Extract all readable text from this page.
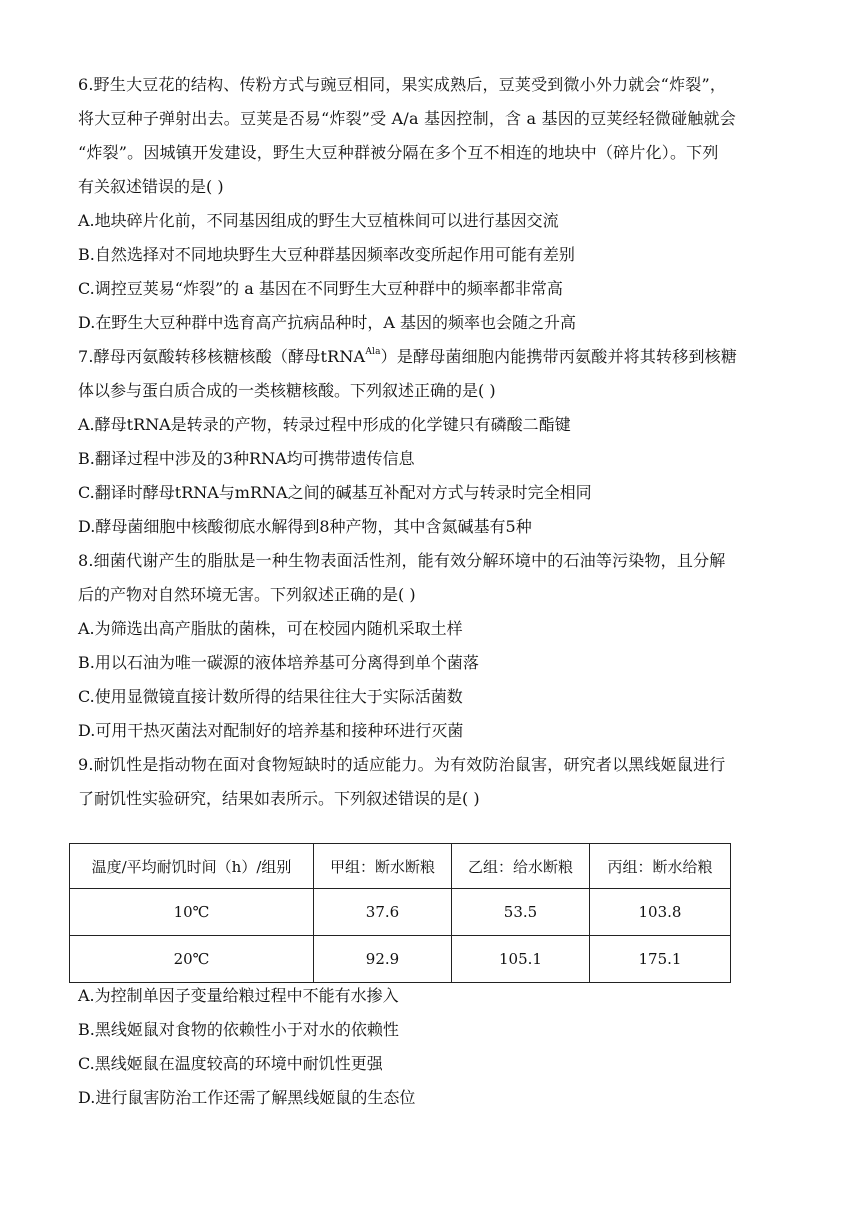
6.野生大豆花的结构、传粉方式与豌豆相同，果实成熟后，豆荚受到微小外力就会“炸裂”，
将大豆种子弹射出去。豆荚是否易“炸裂”受 A/a 基因控制，含 a 基因的豆荚经轻微碰触就会
“炸裂”。因城镇开发建设，野生大豆种群被分隔在多个互不相连的地块中（碎片化）。下列
有关叙述错误的是( )
A.地块碎片化前，不同基因组成的野生大豆植株间可以进行基因交流
B.自然选择对不同地块野生大豆种群基因频率改变所起作用可能有差别
C.调控豆荚易“炸裂”的 a 基因在不同野生大豆种群中的频率都非常高
D.在野生大豆种群中选育高产抗病品种时，A 基因的频率也会随之升高
7.酵母丙氨酸转移核糖核酸（酵母tRNA$^{Ala}$）是酵母菌细胞内能携带丙氨酸并将其转移到核糖
体以参与蛋白质合成的一类核糖核酸。下列叙述正确的是( )
A.酵母tRNA是转录的产物，转录过程中形成的化学键只有磷酸二酯键
B.翻译过程中涉及的3种RNA均可携带遗传信息
C.翻译时酵母tRNA与mRNA之间的碱基互补配对方式与转录时完全相同
D.酵母菌细胞中核酸彻底水解得到8种产物，其中含氮碱基有5种
8.细菌代谢产生的脂肽是一种生物表面活性剂，能有效分解环境中的石油等污染物，且分解
后的产物对自然环境无害。下列叙述正确的是( )
A.为筛选出高产脂肽的菌株，可在校园内随机采取土样
B.用以石油为唯一碳源的液体培养基可分离得到单个菌落
C.使用显微镜直接计数所得的结果往往大于实际活菌数
D.可用干热灭菌法对配制好的培养基和接种环进行灭菌
9.耐饥性是指动物在面对食物短缺时的适应能力。为有效防治鼠害，研究者以黑线姬鼠进行
了耐饥性实验研究，结果如表所示。下列叙述错误的是( )
温度/平均耐饥时间（h）/组别	甲组：断水断粮	乙组：给水断粮	丙组：断水给粮
10℃	37.6	53.5	103.8
20℃	92.9	105.1	175.1
A.为控制单因子变量给粮过程中不能有水掺入
B.黑线姬鼠对食物的依赖性小于对水的依赖性
C.黑线姬鼠在温度较高的环境中耐饥性更强
D.进行鼠害防治工作还需了解黑线姬鼠的生态位
